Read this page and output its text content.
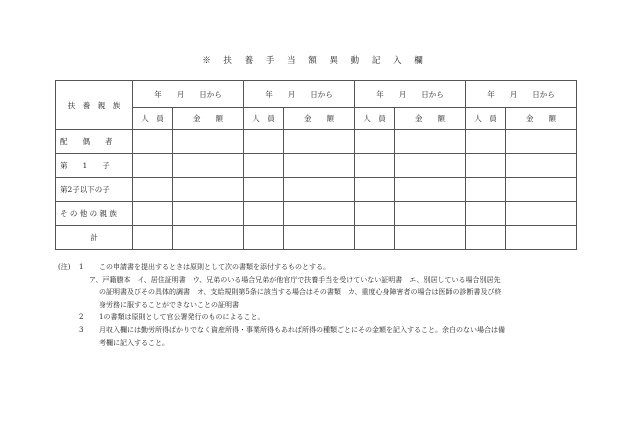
※ 扶 養 手 当 額 異 動 記 入 欄
扶　養　親　族	年　　月　　日から		年　　月　　日から		年　　月　　日から		年　　月　　日から	
	人　員	金　　額	人　員	金　　額	人　員	金　　額	人　員	金　　額
配　　偶　　者								
第　　1　　子								
第2子以下の子								
そ の 他 の 親 族								
計								
(注) 1 この申請書を提出するときは原則として次の書類を添付するものとする。
ア、戸籍謄本　イ、居住証明書　ウ、兄弟のいる場合兄弟が他官庁で扶養手当を受けていない証明書　エ、別居している場合別居先
の証明書及びその具体的調書　オ、支給規則第5条に該当する場合はその書類　カ、重度心身障害者の場合は医師の診断書及び終
身労務に服することができないことの証明書
2 1の書類は原則として官公署発行のものによること。
3 月収入欄には勤労所得ばかりでなく資産所得・事業所得もあれば所得の種類ごとにその金額を記入すること。余白のない場合は備
考欄に記入すること。
